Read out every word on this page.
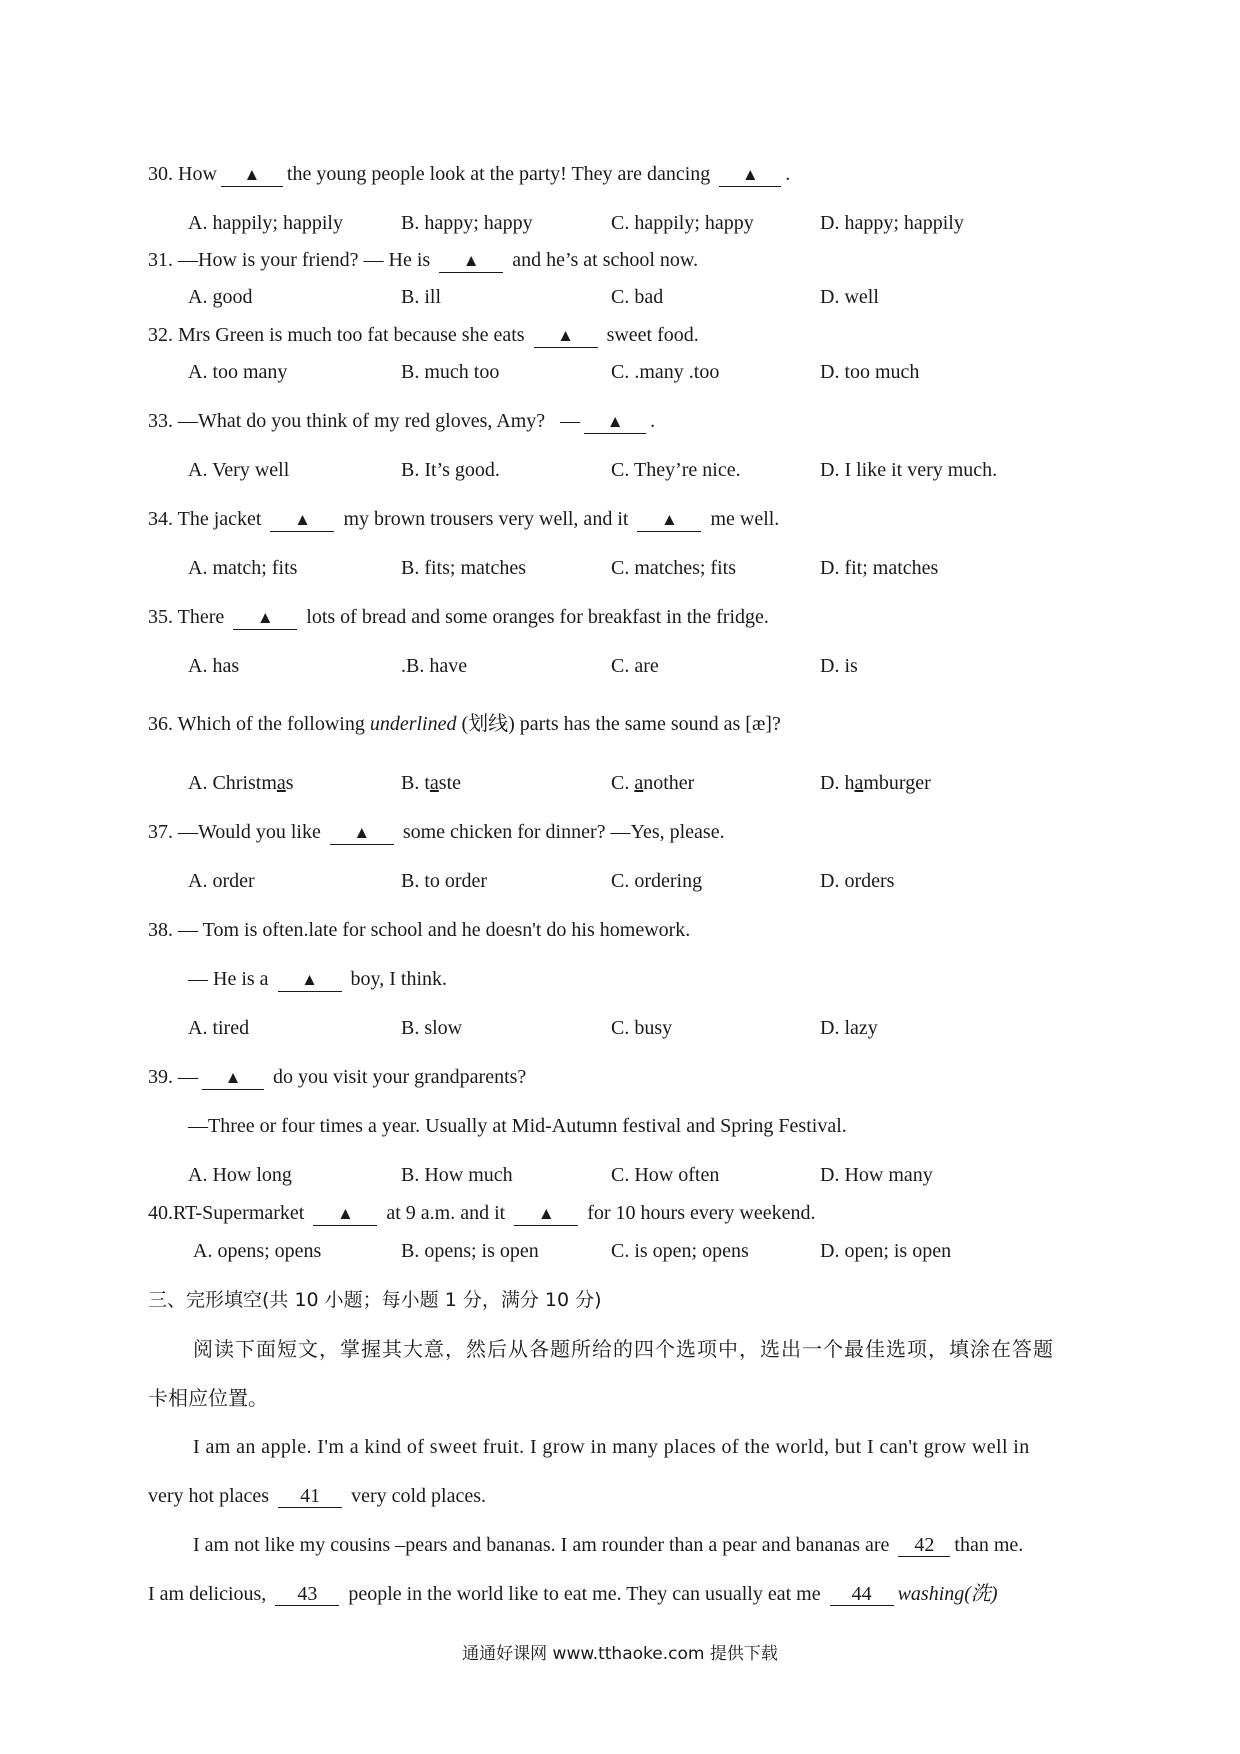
30. How ▲ the young people look at the party! They are dancing ▲ .
A. happily; happily	B. happy; happy	C. happily; happy	D. happy; happily
31. —How is your friend? — He is ▲ and he’s at school now.
A. good	B. ill	C. bad	D. well
32. Mrs Green is much too fat because she eats ▲ sweet food.
A. too many	B. much too	C. .many .too	D. too much
33. —What do you think of my red gloves, Amy? — ▲ .
A. Very well	B. It’s good.	C. They’re nice.	D. I like it very much.
34. The jacket ▲ my brown trousers very well, and it ▲ me well.
A. match; fits	B. fits; matches	C. matches; fits	D. fit; matches
35. There ▲ lots of bread and some oranges for breakfast in the fridge.
A. has	.B. have	C. are	D. is
36. Which of the following underlined (划线) parts has the same sound as [æ]?
A. Christmas	B. taste	C. another	D. hamburger
37. —Would you like ▲ some chicken for dinner? —Yes, please.
A. order	B. to order	C. ordering	D. orders
38. — Tom is often.late for school and he doesn't do his homework.
— He is a ▲ boy, I think.
A. tired	B. slow	C. busy	D. lazy
39. — ▲ do you visit your grandparents?
—Three or four times a year. Usually at Mid-Autumn festival and Spring Festival.
A. How long	B. How much	C. How often	D. How many
40.RT-Supermarket ▲ at 9 a.m. and it ▲ for 10 hours every weekend.
A. opens; opens	B. opens; is open	C. is open; opens	D. open; is open
三、完形填空(共 10 小题；每小题 1 分，满分 10 分)
阅读下面短文，掌握其大意，然后从各题所给的四个选项中，选出一个最佳选项，填涂在答题
卡相应位置。
I am an apple. I'm a kind of sweet fruit. I grow in many places of the world, but I can't grow well in
very hot places 41 very cold places.
I am not like my cousins –pears and bananas. I am rounder than a pear and bananas are 42 than me.
I am delicious, 43 people in the world like to eat me. They can usually eat me 44 washing(洗)
通通好课网 www.tthaoke.com 提供下载
